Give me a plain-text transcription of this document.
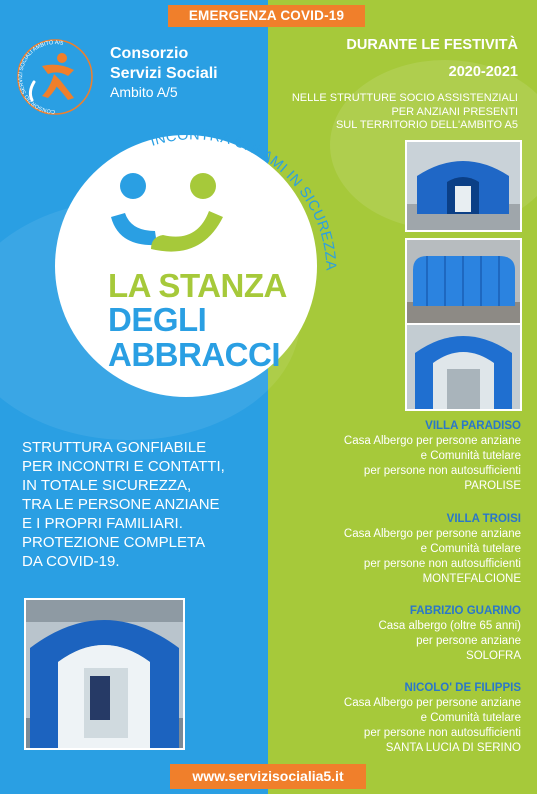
EMERGENZA COVID-19
CONSORZIO SERVIZI SOCIALI AMBITO A/5
Consorzio
Servizi Sociali
Ambito A/5
DURANTE LE FESTIVITÀ
2020-2021
NELLE STRUTTURE SOCIO ASSISTENZIALI
PER ANZIANI PRESENTI
SUL TERRITORIO DELL'AMBITO A5
INCONTRA CHI AMI IN SICUREZZA
LA STANZA
DEGLI
ABBRACCI
STRUTTURA GONFIABILE
PER INCONTRI E CONTATTI,
IN TOTALE SICUREZZA,
TRA LE PERSONE ANZIANE
E I PROPRI FAMILIARI.
PROTEZIONE COMPLETA
DA COVID-19.
VILLA PARADISO
Casa Albergo per persone anziane
e Comunità tutelare
per persone non autosufficienti
PAROLISE
VILLA TROISI
Casa Albergo per persone anziane
e Comunità tutelare
per persone non autosufficienti
MONTEFALCIONE
FABRIZIO GUARINO
Casa albergo (oltre 65 anni)
per persone anziane
SOLOFRA
NICOLO' DE FILIPPIS
Casa Albergo per persone anziane
e Comunità tutelare
per persone non autosufficienti
SANTA LUCIA DI SERINO
www.servizisocialia5.it
